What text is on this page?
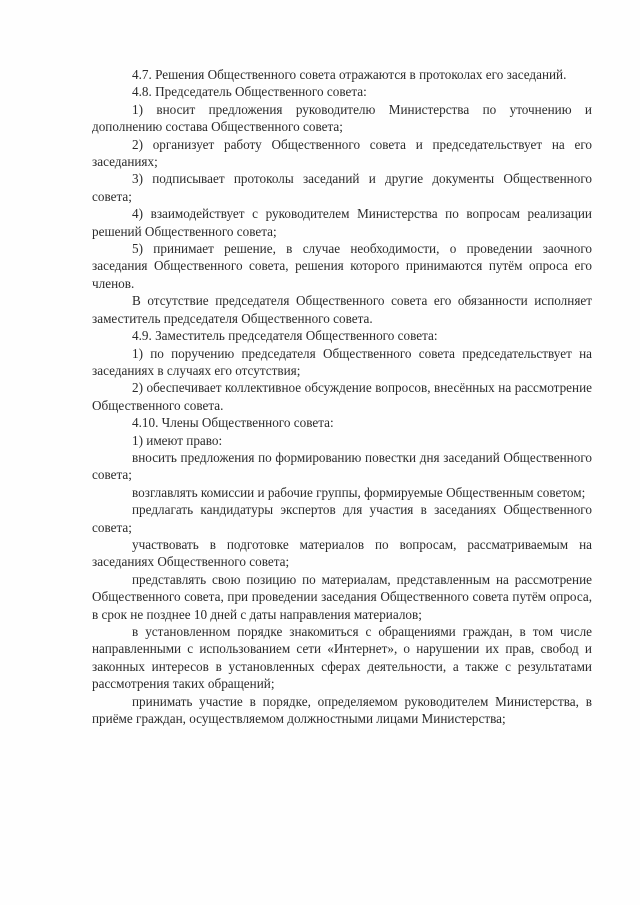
4.7. Решения Общественного совета отражаются в протоколах его заседаний.

4.8. Председатель Общественного совета:

1) вносит предложения руководителю Министерства по уточнению и дополнению состава Общественного совета;

2) организует работу Общественного совета и председательствует на его заседаниях;

3) подписывает протоколы заседаний и другие документы Общественного совета;

4) взаимодействует с руководителем Министерства по вопросам реализации решений Общественного совета;

5) принимает решение, в случае необходимости, о проведении заочного заседания Общественного совета, решения которого принимаются путём опроса его членов.

В отсутствие председателя Общественного совета его обязанности исполняет заместитель председателя Общественного совета.

4.9. Заместитель председателя Общественного совета:

1) по поручению председателя Общественного совета председательствует на заседаниях в случаях его отсутствия;

2) обеспечивает коллективное обсуждение вопросов, внесённых на рассмотрение Общественного совета.

4.10. Члены Общественного совета:

1) имеют право:

вносить предложения по формированию повестки дня заседаний Общественного совета;

возглавлять комиссии и рабочие группы, формируемые Общественным советом;

предлагать кандидатуры экспертов для участия в заседаниях Общественного совета;

участвовать в подготовке материалов по вопросам, рассматриваемым на заседаниях Общественного совета;

представлять свою позицию по материалам, представленным на рассмотрение Общественного совета, при проведении заседания Общественного совета путём опроса, в срок не позднее 10 дней с даты направления материалов;

в установленном порядке знакомиться с обращениями граждан, в том числе направленными с использованием сети «Интернет», о нарушении их прав, свобод и законных интересов в установленных сферах деятельности, а также с результатами рассмотрения таких обращений;

принимать участие в порядке, определяемом руководителем Министерства, в приёме граждан, осуществляемом должностными лицами Министерства;
